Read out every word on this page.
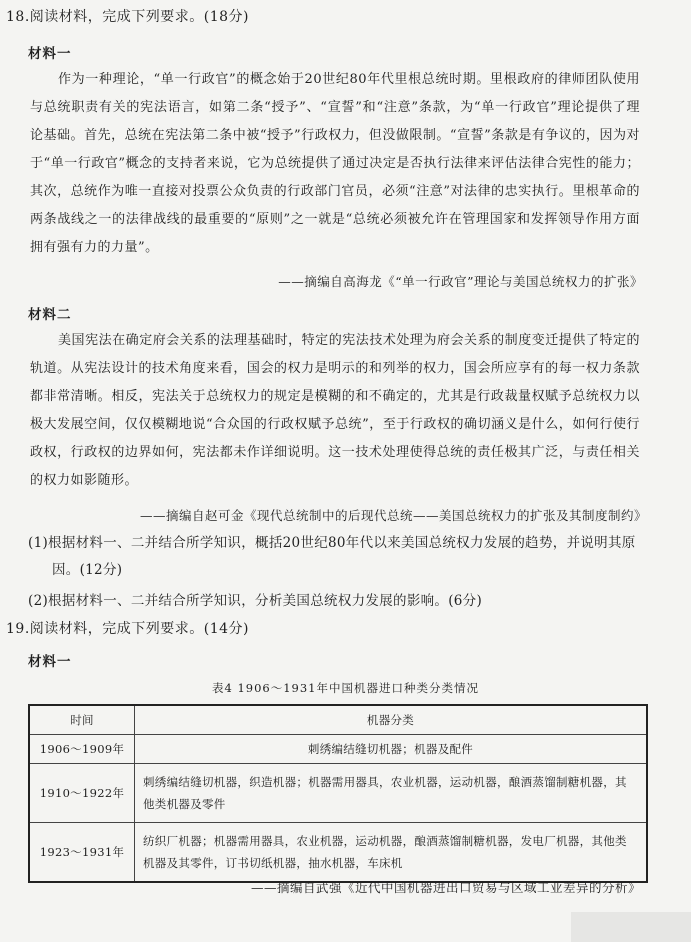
18.阅读材料，完成下列要求。(18分)
材料一
作为一种理论，“单一行政官”的概念始于20世纪80年代里根总统时期。里根政府的律师团队使用与总统职责有关的宪法语言，如第二条“授予”、“宣誓”和“注意”条款，为“单一行政官”理论提供了理论基础。首先，总统在宪法第二条中被“授予”行政权力，但没做限制。“宣誓”条款是有争议的，因为对于“单一行政官”概念的支持者来说，它为总统提供了通过决定是否执行法律来评估法律合宪性的能力；其次，总统作为唯一直接对投票公众负责的行政部门官员，必须“注意”对法律的忠实执行。里根革命的两条战线之一的法律战线的最重要的“原则”之一就是“总统必须被允许在管理国家和发挥领导作用方面拥有强有力的力量”。
——摘编自高海龙《“单一行政官”理论与美国总统权力的扩张》
材料二
美国宪法在确定府会关系的法理基础时，特定的宪法技术处理为府会关系的制度变迁提供了特定的轨道。从宪法设计的技术角度来看，国会的权力是明示的和列举的权力，国会所应享有的每一权力条款都非常清晰。相反，宪法关于总统权力的规定是模糊的和不确定的，尤其是行政裁量权赋予总统权力以极大发展空间，仅仅模糊地说“合众国的行政权赋予总统”，至于行政权的确切涵义是什么，如何行使行政权，行政权的边界如何，宪法都未作详细说明。这一技术处理使得总统的责任极其广泛，与责任相关的权力如影随形。
——摘编自赵可金《现代总统制中的后现代总统——美国总统权力的扩张及其制度制约》
(1)根据材料一、二并结合所学知识，概括20世纪80年代以来美国总统权力发展的趋势，并说明其原因。(12分)
(2)根据材料一、二并结合所学知识，分析美国总统权力发展的影响。(6分)
19.阅读材料，完成下列要求。(14分)
材料一
表4 1906～1931年中国机器进口种类分类情况
时间	机器分类
1906～1909年	刺绣编结缝切机器；机器及配件
1910～1922年	刺绣编结缝切机器，织造机器；机器需用器具，农业机器，运动机器，酿酒蒸馏制糖机器，其他类机器及零件
1923～1931年	纺织厂机器；机器需用器具，农业机器，运动机器，酿酒蒸馏制糖机器，发电厂机器，其他类机器及其零件，订书切纸机器，抽水机器，车床机
——摘编自武强《近代中国机器进出口贸易与区域工业差异的分析》
